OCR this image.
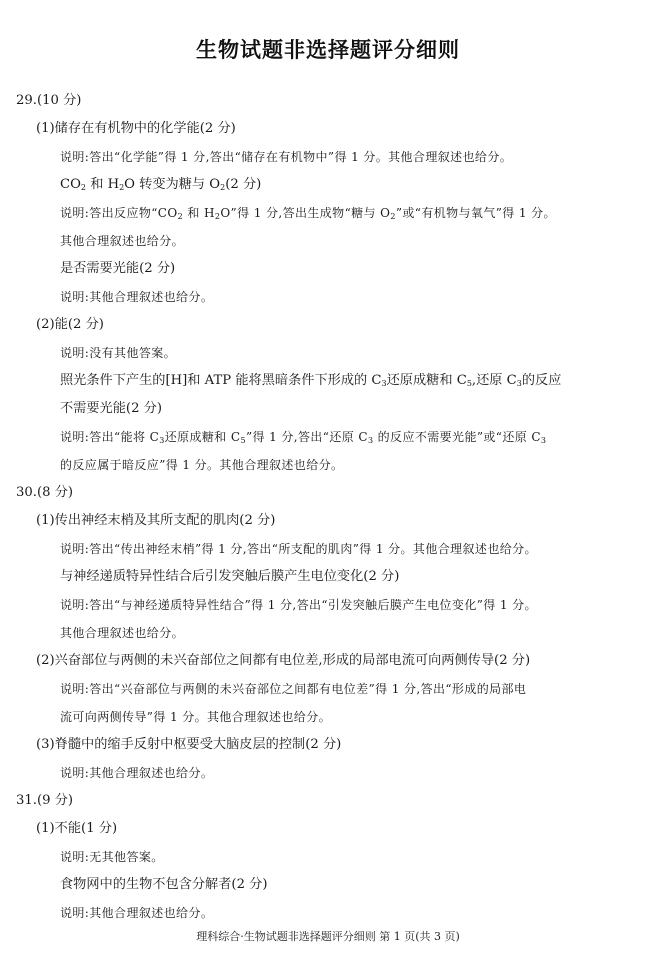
生物试题非选择题评分细则
29.(10 分)
(1)储存在有机物中的化学能(2 分)
说明:答出“化学能”得 1 分,答出“储存在有机物中”得 1 分。其他合理叙述也给分。
$CO_2$ 和 $H_2O$ 转变为糖与 $O_2(2$ 分)
说明:答出反应物“$CO_2$ 和 $H_2O$”得 1 分,答出生成物“糖与 $O_2$”或“有机物与氧气”得 1 分。
其他合理叙述也给分。
是否需要光能(2 分)
说明:其他合理叙述也给分。
(2)能(2 分)
说明:没有其他答案。
照光条件下产生的[H]和 ATP 能将黑暗条件下形成的 $C_3$还原成糖和 $C_5$,还原 $C_3$的反应
不需要光能(2 分)
说明:答出“能将 $C_3$还原成糖和 $C_5$”得 1 分,答出“还原 $C_3$ 的反应不需要光能”或“还原 $C_3$
的反应属于暗反应”得 1 分。其他合理叙述也给分。
30.(8 分)
(1)传出神经末梢及其所支配的肌肉(2 分)
说明:答出“传出神经末梢”得 1 分,答出“所支配的肌肉”得 1 分。其他合理叙述也给分。
与神经递质特异性结合后引发突触后膜产生电位变化(2 分)
说明:答出“与神经递质特异性结合”得 1 分,答出“引发突触后膜产生电位变化”得 1 分。
其他合理叙述也给分。
(2)兴奋部位与两侧的未兴奋部位之间都有电位差,形成的局部电流可向两侧传导(2 分)
说明:答出“兴奋部位与两侧的未兴奋部位之间都有电位差”得 1 分,答出“形成的局部电
流可向两侧传导”得 1 分。其他合理叙述也给分。
(3)脊髓中的缩手反射中枢要受大脑皮层的控制(2 分)
说明:其他合理叙述也给分。
31.(9 分)
(1)不能(1 分)
说明:无其他答案。
食物网中的生物不包含分解者(2 分)
说明:其他合理叙述也给分。
理科综合·生物试题非选择题评分细则 第 1 页(共 3 页)
